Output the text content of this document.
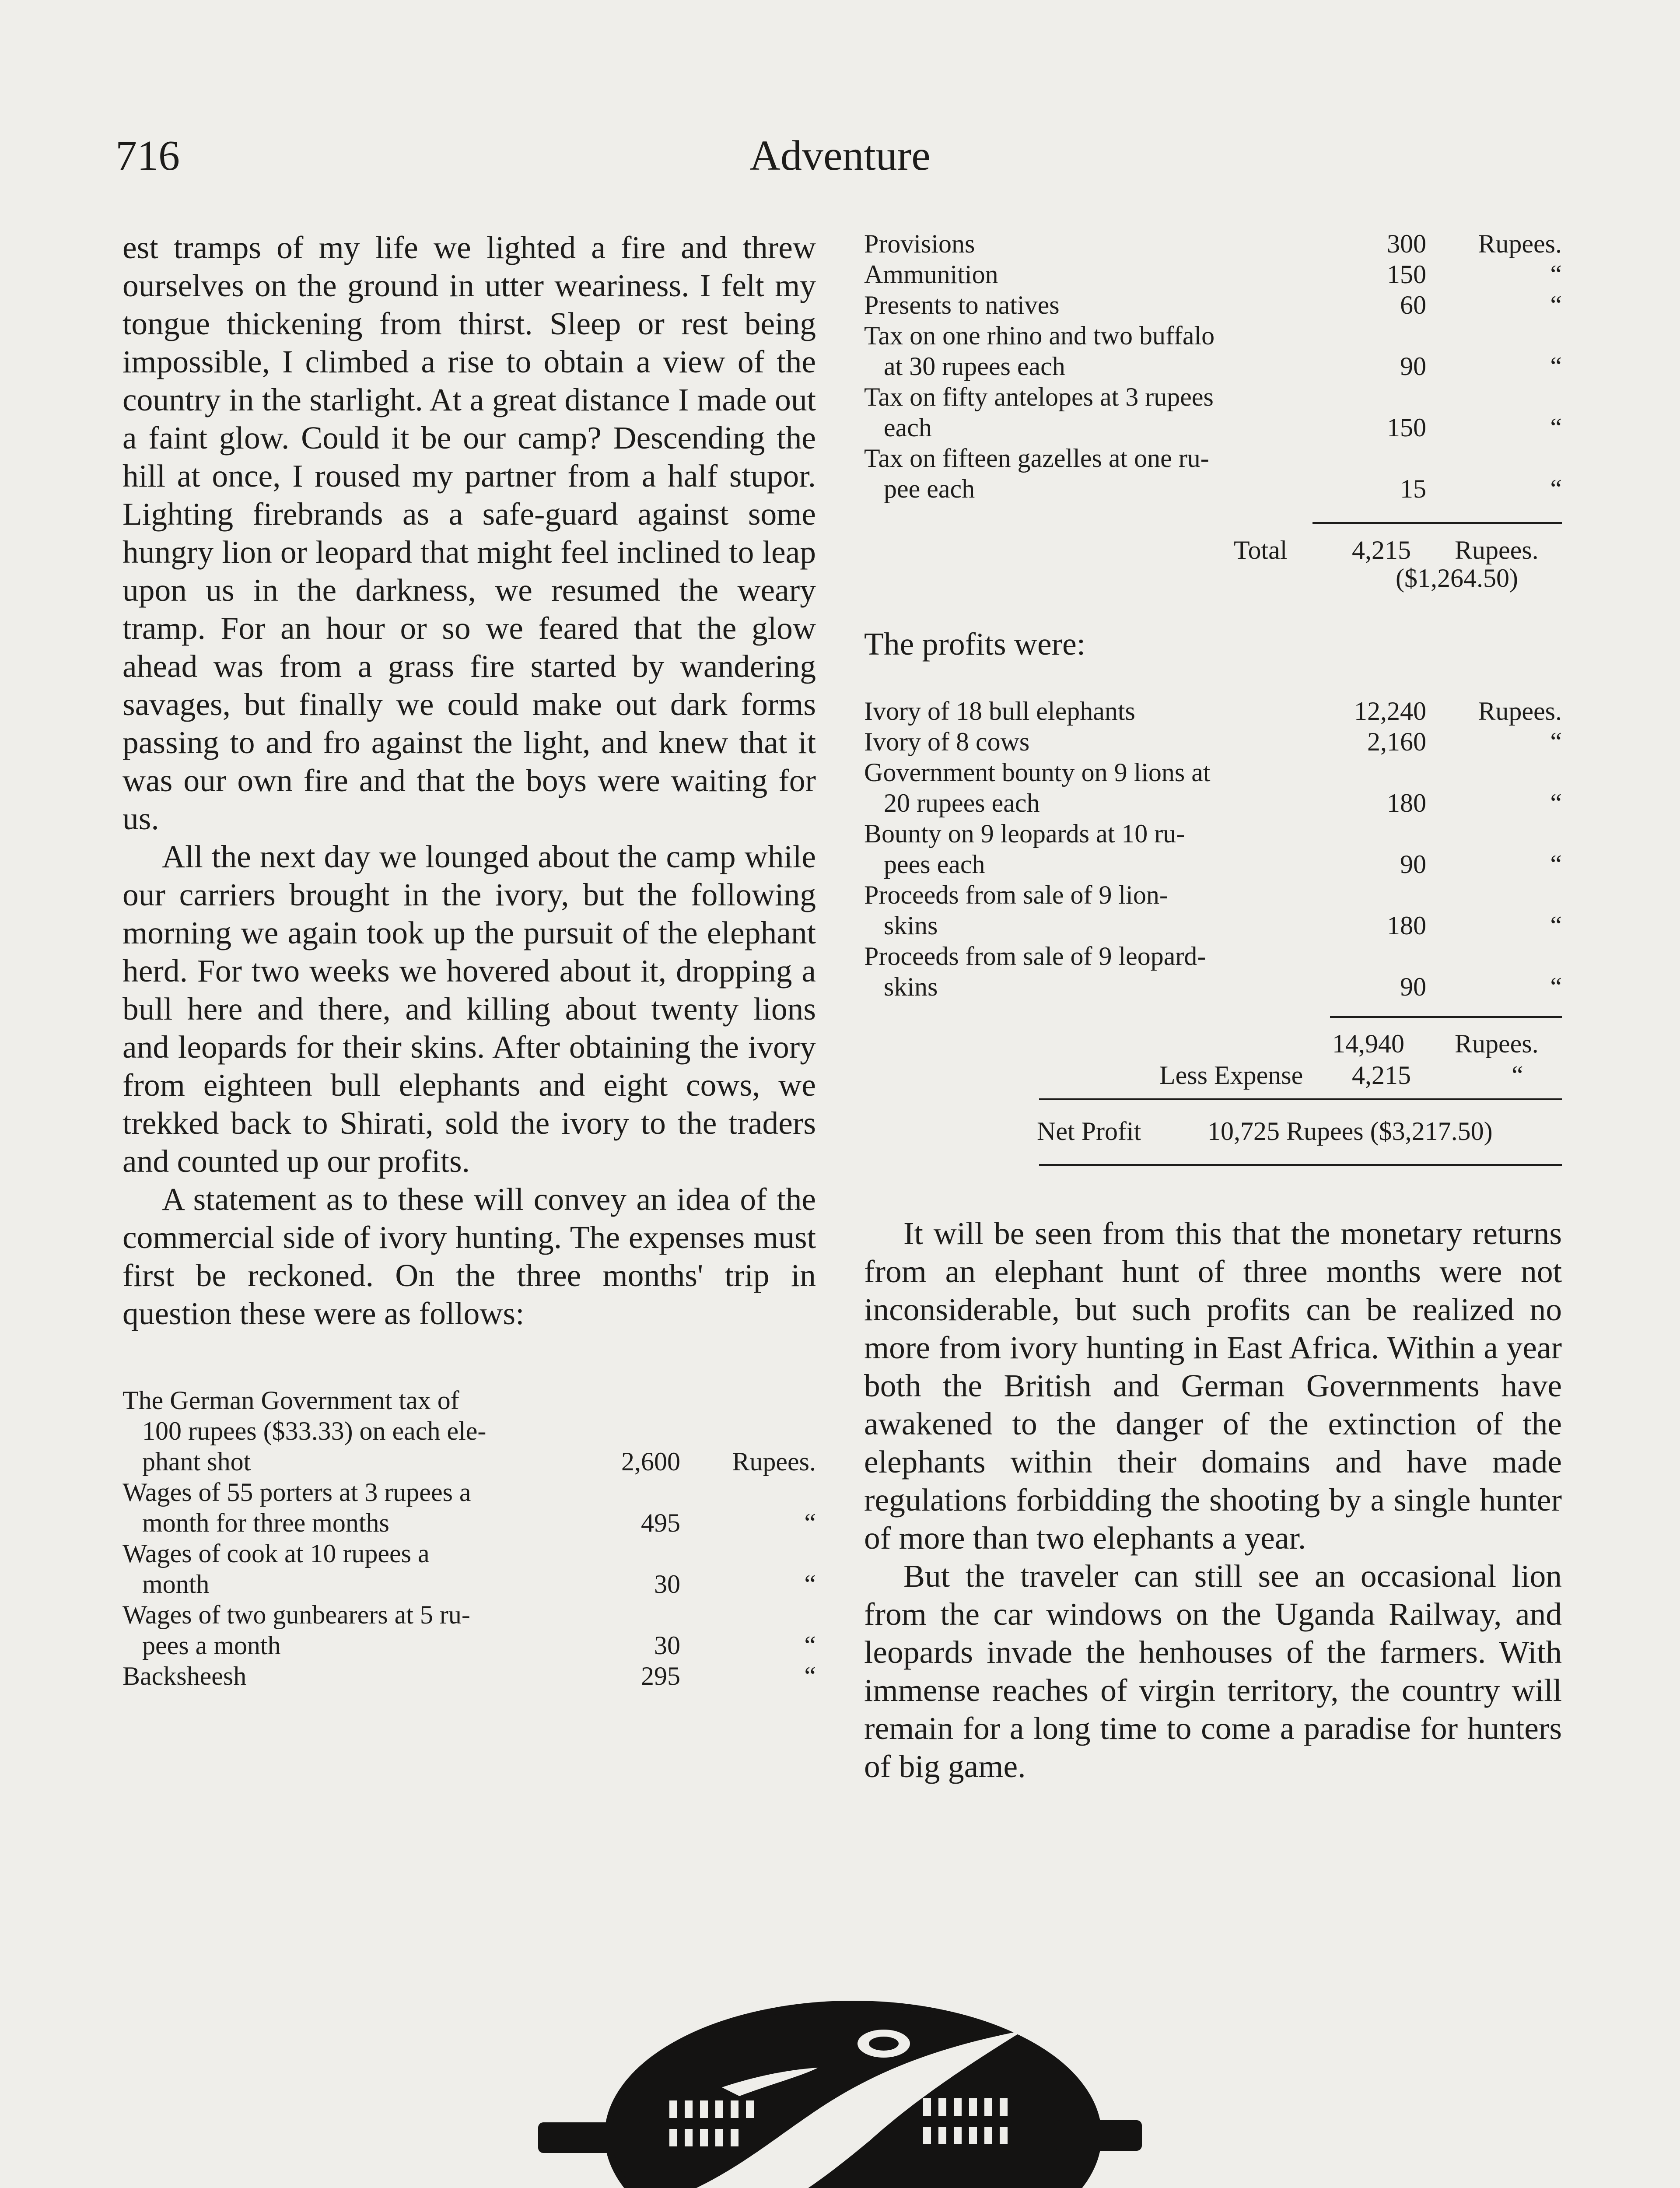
716	Adventure

est tramps of my life we lighted a fire and threw ourselves on the ground in utter weariness. I felt my tongue thickening from thirst. Sleep or rest being impossible, I climbed a rise to obtain a view of the country in the starlight. At a great distance I made out a faint glow. Could it be our camp? Descending the hill at once, I roused my partner from a half stupor. Lighting firebrands as a safe-guard against some hungry lion or leopard that might feel inclined to leap upon us in the darkness, we resumed the weary tramp. For an hour or so we feared that the glow ahead was from a grass fire started by wandering savages, but finally we could make out dark forms passing to and fro against the light, and knew that it was our own fire and that the boys were waiting for us.

All the next day we lounged about the camp while our carriers brought in the ivory, but the following morning we again took up the pursuit of the elephant herd. For two weeks we hovered about it, dropping a bull here and there, and killing about twenty lions and leopards for their skins. After obtaining the ivory from eighteen bull elephants and eight cows, we trekked back to Shirati, sold the ivory to the traders and counted up our profits.

A statement as to these will convey an idea of the commercial side of ivory hunting. The expenses must first be reckoned. On the three months' trip in question these were as follows:

The German Government tax of
100 rupees ($33.33) on each ele-
phant shot	2,600 Rupees.
Wages of 55 porters at 3 rupees a
month for three months	495	“
Wages of cook at 10 rupees a
month	30	“
Wages of two gunbearers at 5 ru-
pees a month	30	“
Backsheesh	295	“
Provisions	300 Rupees.
Ammunition	150	“
Presents to natives	60	“
Tax on one rhino and two buffalo
at 30 rupees each	90	“
Tax on fifty antelopes at 3 rupees
each	150	“
Tax on fifteen gazelles at one ru-
pee each	15	“
Total 4,215 Rupees.
($1,264.50)
The profits were:
Ivory of 18 bull elephants	12,240 Rupees.
Ivory of 8 cows	2,160	“
Government bounty on 9 lions at
20 rupees each	180	“
Bounty on 9 leopards at 10 ru-
pees each	90	“
Proceeds from sale of 9 lion-
skins	180	“
Proceeds from sale of 9 leopard-
skins	90	“
14,940 Rupees.
Less Expense 4,215	“
Net Profit	10,725 Rupees ($3,217.50)

It will be seen from this that the monetary returns from an elephant hunt of three months were not inconsiderable, but such profits can be realized no more from ivory hunting in East Africa. Within a year both the British and German Governments have awakened to the danger of the extinction of the elephants within their domains and have made regulations forbidding the shooting by a single hunter of more than two elephants a year.

But the traveler can still see an occasional lion from the car windows on the Uganda Railway, and leopards invade the henhouses of the farmers. With immense reaches of virgin territory, the country will remain for a long time to come a paradise for hunters of big game.
